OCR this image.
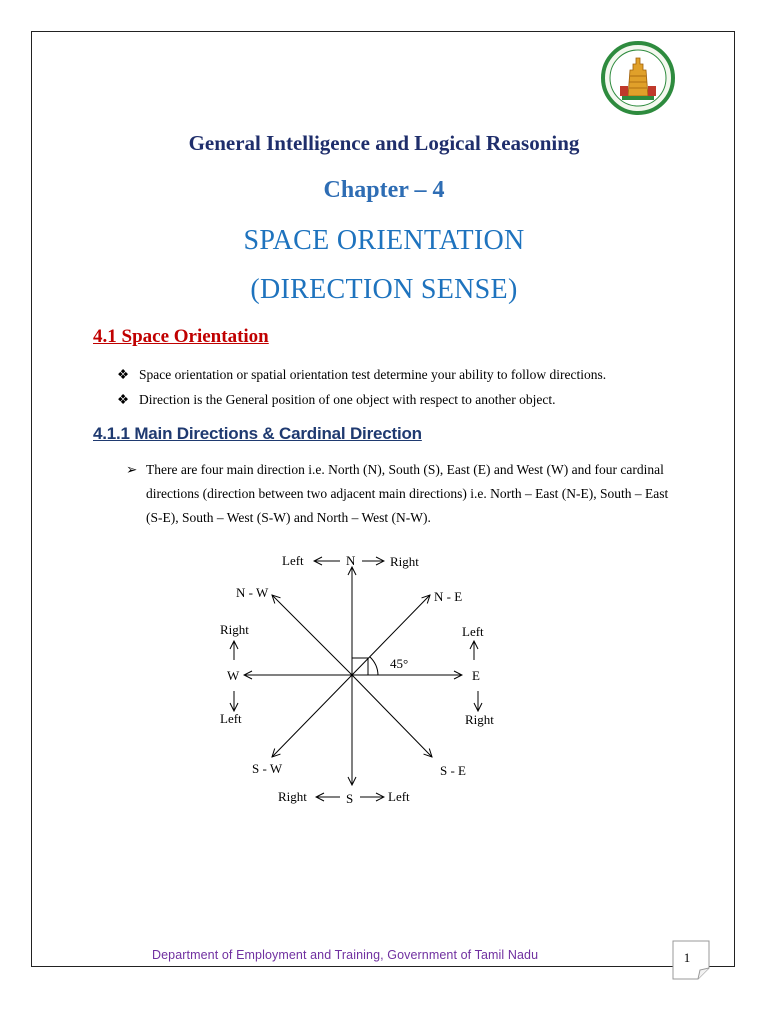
General Intelligence and Logical Reasoning
Chapter – 4
SPACE ORIENTATION
(DIRECTION SENSE)
4.1 Space Orientation

❖ Space orientation or spatial orientation test determine your ability to follow directions.

❖ Direction is the General position of one object with respect to another object.

4.1.1 Main Directions & Cardinal Direction
➢ There are four main direction i.e. North (N), South (S), East (E) and West (W) and four cardinal directions (direction between two adjacent main directions) i.e. North – East (N-E), South – East (S-E), South – West (S-W) and North – West (N-W).
45°
N
Left	Right
N - W	N - E
S - W	S - E
Right
W
Left
Left
E
Right
S
Right	Left

Department of Employment and Training, Government of Tamil Nadu	1
